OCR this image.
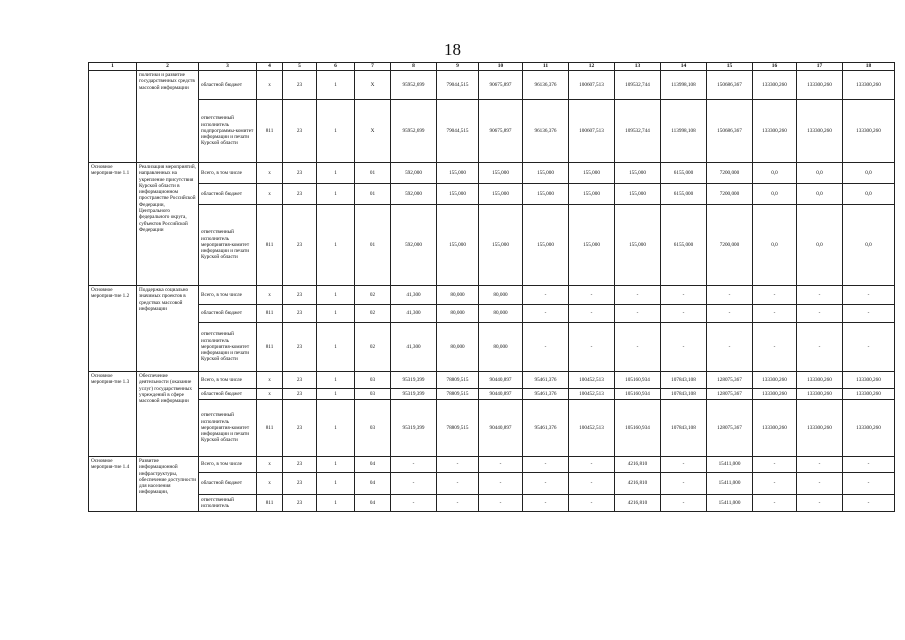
18
1	2	3	4	5	6	7	8	9	10	11	12	13	14	15	16	17	18
	политики и развитие государственных средств массовой информации	областной бюджет	x	23	1	X	95952,699	79044,515	90675,897	96136,376	100607,513	109532,744	113998,108	150686,367	133300,260	133300,260	133300,260
		ответственный исполнитель подпрограммы-комитет информации и печати Курской области	811	23	1	X	95952,699	79044,515	90675,897	96136,376	100607,513	109532,744	113998,108	150686,367	133300,260	133300,260	133300,260
Основное мероприя-тие 1.1	Реализация мероприятий, направленных на укрепление присутствия Курской области в информационном пространстве Российской Федерации, Центрального федерального округа, субъектов Российской Федерации	Всего, в том числе	x	23	1	01	592,000	155,000	155,000	155,000	155,000	155,000	6155,000	7200,000	0,0	0,0	0,0
		областной бюджет	x	23	1	01	592,000	155,000	155,000	155,000	155,000	155,000	6155,000	7200,000	0,0	0,0	0,0
		ответственный исполнитель мероприятия-комитет информации и печати Курской области	811	23	1	01	592,000	155,000	155,000	155,000	155,000	155,000	6155,000	7200,000	0,0	0,0	0,0
Основное мероприя-тие 1.2	Поддержка социально значимых проектов в средствах массовой информации	Всего, в том числе	x	23	1	02	41,300	80,000	80,000	-	-	-	-	-	-	-	-
		областной бюджет	811	23	1	02	41,300	80,000	80,000	-	-	-	-	-	-	-	-
		ответственный исполнитель мероприятия-комитет информации и печати Курской области	811	23	1	02	41,300	80,000	80,000	-	-	-	-	-	-	-	-
Основное мероприя-тие 1.3	Обеспечение деятельности (оказание услуг) государственных учреждений в сфере массовой информации	Всего, в том числе	x	23	1	03	95319,399	78809,515	90440,897	95461,376	100452,513	105160,934	107843,108	128075,367	133300,260	133300,260	133300,260
		областной бюджет	x	23	1	03	95319,399	78809,515	90440,897	95461,376	100452,513	105160,934	107843,108	128075,367	133300,260	133300,260	133300,260
		ответственный исполнитель мероприятия-комитет информации и печати Курской области	811	23	1	03	95319,399	78809,515	90440,897	95461,376	100452,513	105160,934	107843,108	128075,367	133300,260	133300,260	133300,260
Основное мероприя-тие 1.4	Развитие информационной инфраструктуры, обеспечение доступности для населения информации,	Всего, в том числе	x	23	1	04	-	-	-	-	-	4216,810	-	15411,000	-	-	-
		областной бюджет	x	23	1	04	-	-	-	-	-	4216,810	-	15411,000	-	-	-
		ответственный исполнитель	811	23	1	04	-	-	-	-	-	4216,810	-	15411,000	-	-	-
